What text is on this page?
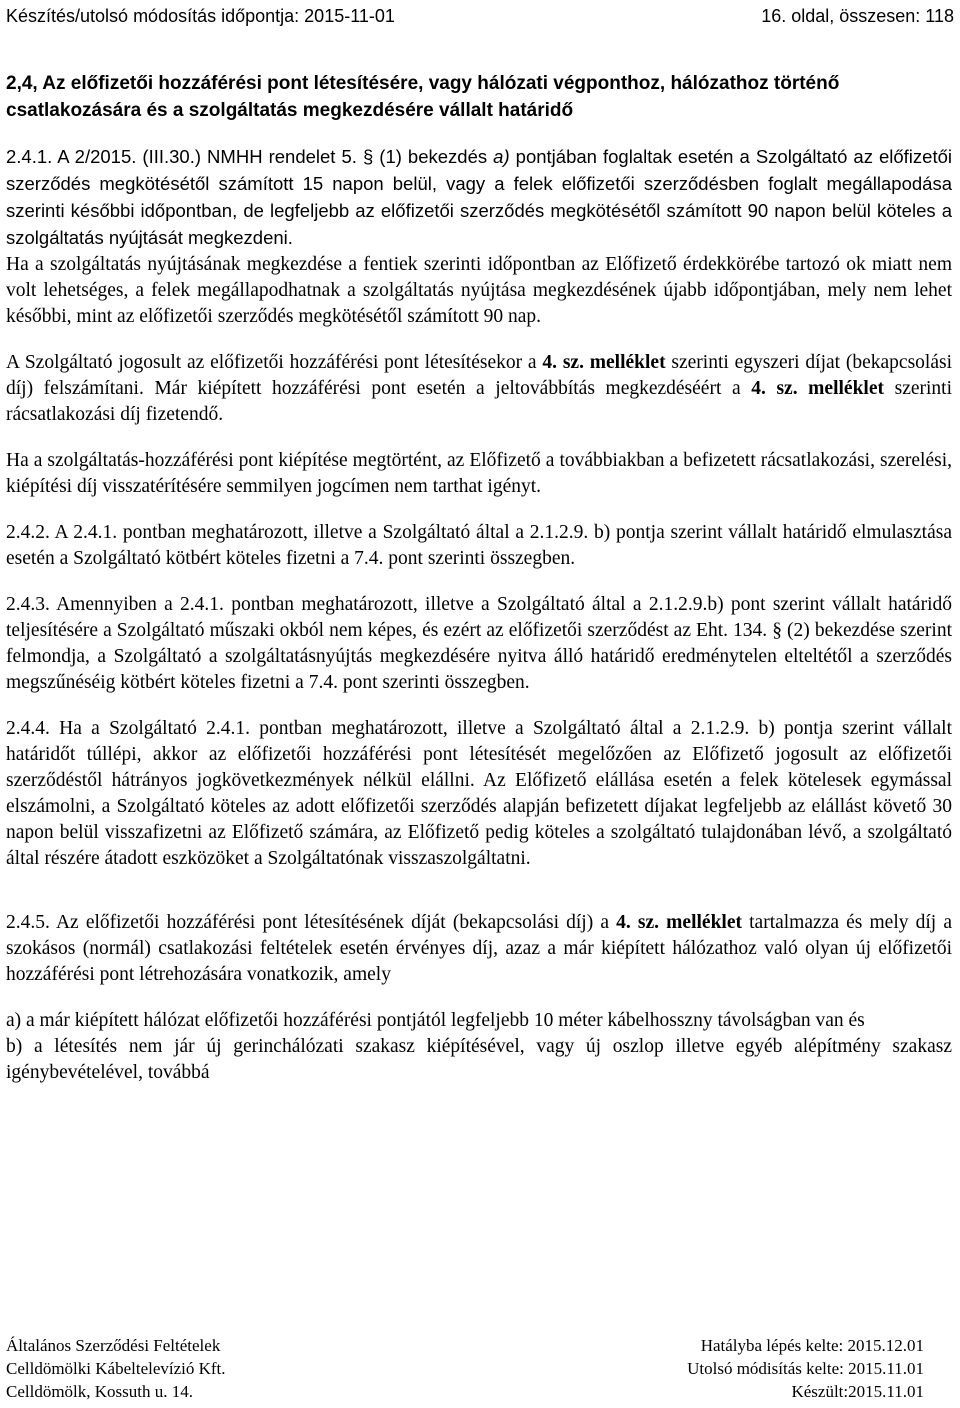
Készítés/utolsó módosítás időpontja: 2015-11-01	16. oldal, összesen: 118
2,4, Az előfizetői hozzáférési pont létesítésére, vagy hálózati végponthoz, hálózathoz történő csatlakozására és a szolgáltatás megkezdésére vállalt határidő

2.4.1. A 2/2015. (III.30.) NMHH rendelet 5. § (1) bekezdés a) pontjában foglaltak esetén a Szolgáltató az előfizetői szerződés megkötésétől számított 15 napon belül, vagy a felek előfizetői szerződésben foglalt megállapodása szerinti későbbi időpontban, de legfeljebb az előfizetői szerződés megkötésétől számított 90 napon belül köteles a szolgáltatás nyújtását megkezdeni.

Ha a szolgáltatás nyújtásának megkezdése a fentiek szerinti időpontban az Előfizető érdekkörébe tartozó ok miatt nem volt lehetséges, a felek megállapodhatnak a szolgáltatás nyújtása megkezdésének újabb időpontjában, mely nem lehet későbbi, mint az előfizetői szerződés megkötésétől számított 90 nap.

A Szolgáltató jogosult az előfizetői hozzáférési pont létesítésekor a 4. sz. melléklet szerinti egyszeri díjat (bekapcsolási díj) felszámítani. Már kiépített hozzáférési pont esetén a jeltovábbítás megkezdéséért a 4. sz. melléklet szerinti rácsatlakozási díj fizetendő.

Ha a szolgáltatás-hozzáférési pont kiépítése megtörtént, az Előfizető a továbbiakban a befizetett rácsatlakozási, szerelési, kiépítési díj visszatérítésére semmilyen jogcímen nem tarthat igényt.

2.4.2. A 2.4.1. pontban meghatározott, illetve a Szolgáltató által a 2.1.2.9. b) pontja szerint vállalt határidő elmulasztása esetén a Szolgáltató kötbért köteles fizetni a 7.4. pont szerinti összegben.

2.4.3. Amennyiben a 2.4.1. pontban meghatározott, illetve a Szolgáltató által a 2.1.2.9.b) pont szerint vállalt határidő teljesítésére a Szolgáltató műszaki okból nem képes, és ezért az előfizetői szerződést az Eht. 134. § (2) bekezdése szerint felmondja, a Szolgáltató a szolgáltatásnyújtás megkezdésére nyitva álló határidő eredménytelen elteltétől a szerződés megszűnéséig kötbért köteles fizetni a 7.4. pont szerinti összegben.

2.4.4. Ha a Szolgáltató 2.4.1. pontban meghatározott, illetve a Szolgáltató által a 2.1.2.9. b) pontja szerint vállalt határidőt túllépi, akkor az előfizetői hozzáférési pont létesítését megelőzően az Előfizető jogosult az előfizetői szerződéstől hátrányos jogkövetkezmények nélkül elállni. Az Előfizető elállása esetén a felek kötelesek egymással elszámolni, a Szolgáltató köteles az adott előfizetői szerződés alapján befizetett díjakat legfeljebb az elállást követő 30 napon belül visszafizetni az Előfizető számára, az Előfizető pedig köteles a szolgáltató tulajdonában lévő, a szolgáltató által részére átadott eszközöket a Szolgáltatónak visszaszolgáltatni.

2.4.5. Az előfizetői hozzáférési pont létesítésének díját (bekapcsolási díj) a 4. sz. melléklet tartalmazza és mely díj a szokásos (normál) csatlakozási feltételek esetén érvényes díj, azaz a már kiépített hálózathoz való olyan új előfizetői hozzáférési pont létrehozására vonatkozik, amely

a) a már kiépített hálózat előfizetői hozzáférési pontjától legfeljebb 10 méter kábelhosszny távolságban van és

b) a létesítés nem jár új gerinchálózati szakasz kiépítésével, vagy új oszlop illetve egyéb alépítmény szakasz igénybevételével, továbbá

Általános Szerződési Feltételek	Hatályba lépés kelte: 2015.12.01
Celldömölki Kábeltelevízió Kft.	Utolsó módisítás kelte: 2015.11.01
Celldömölk, Kossuth u. 14.	Készült:2015.11.01
